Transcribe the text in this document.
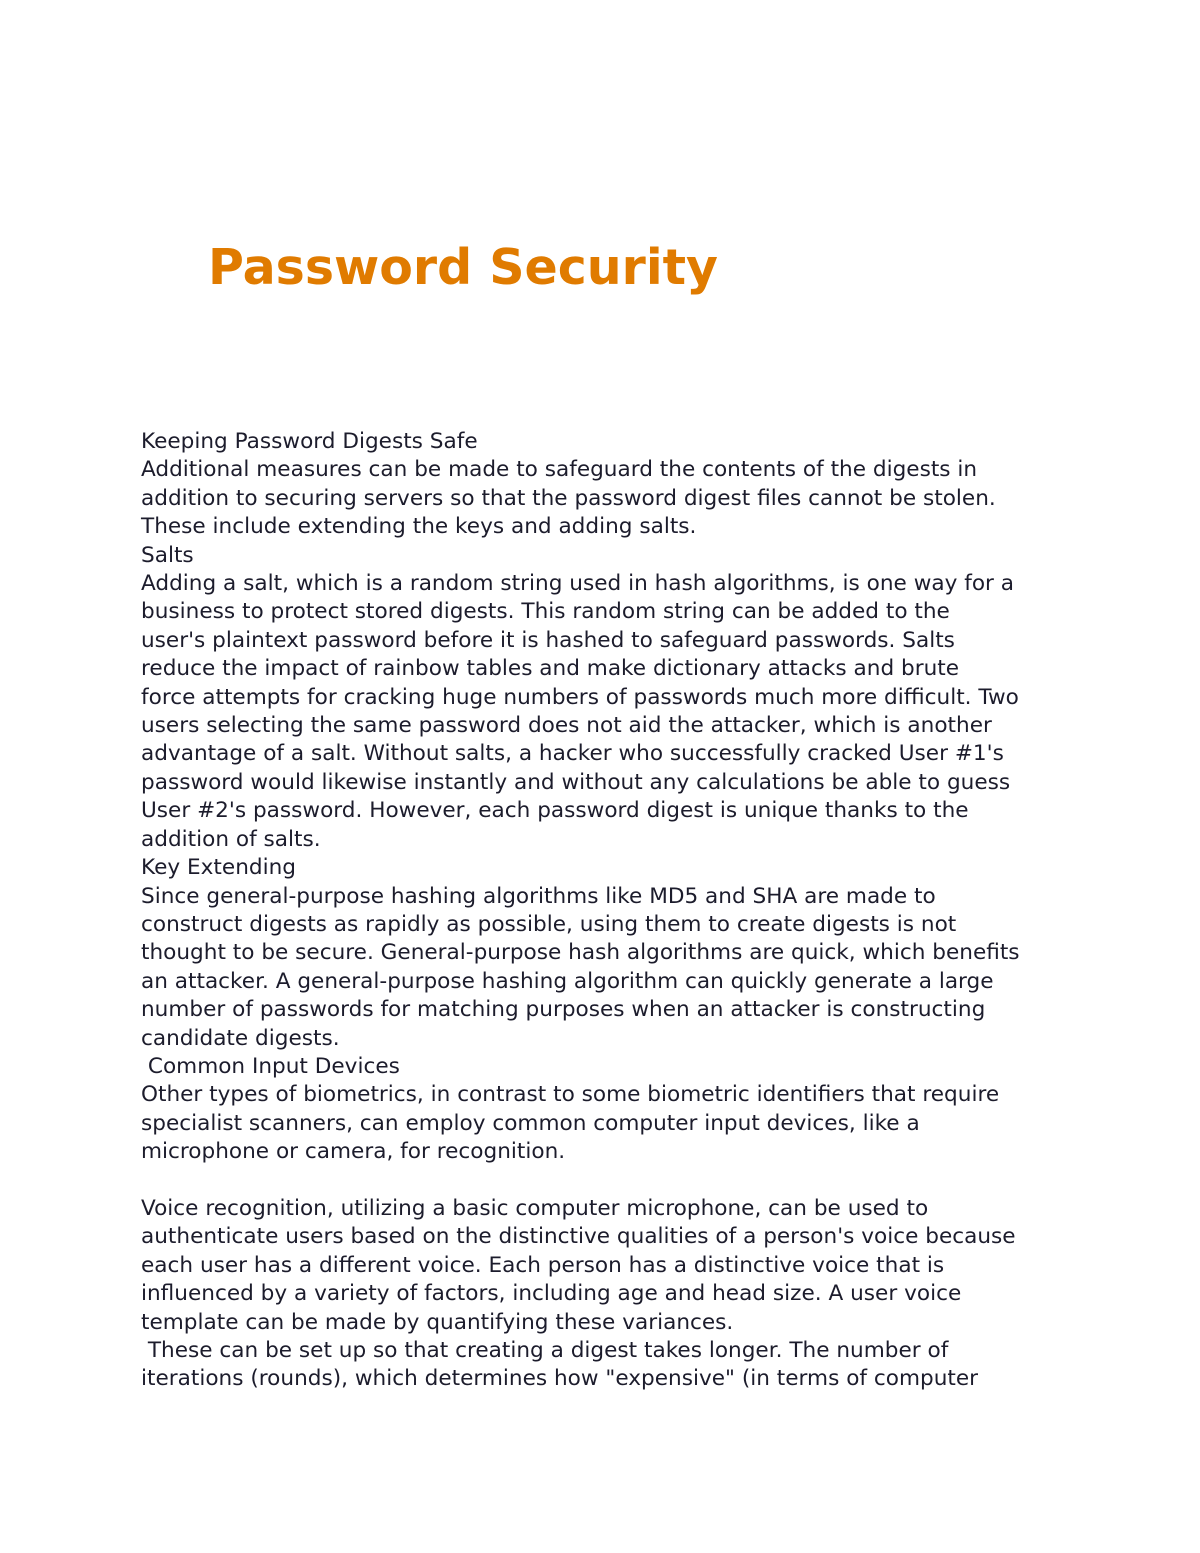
Password Security
Keeping Password Digests Safe
Additional measures can be made to safeguard the contents of the digests in
addition to securing servers so that the password digest files cannot be stolen.
These include extending the keys and adding salts.
Salts
Adding a salt, which is a random string used in hash algorithms, is one way for a
business to protect stored digests. This random string can be added to the
user's plaintext password before it is hashed to safeguard passwords. Salts
reduce the impact of rainbow tables and make dictionary attacks and brute
force attempts for cracking huge numbers of passwords much more difficult. Two
users selecting the same password does not aid the attacker, which is another
advantage of a salt. Without salts, a hacker who successfully cracked User #1's
password would likewise instantly and without any calculations be able to guess
User #2's password. However, each password digest is unique thanks to the
addition of salts.
Key Extending
Since general-purpose hashing algorithms like MD5 and SHA are made to
construct digests as rapidly as possible, using them to create digests is not
thought to be secure. General-purpose hash algorithms are quick, which benefits
an attacker. A general-purpose hashing algorithm can quickly generate a large
number of passwords for matching purposes when an attacker is constructing
candidate digests.
Common Input Devices
Other types of biometrics, in contrast to some biometric identifiers that require
specialist scanners, can employ common computer input devices, like a
microphone or camera, for recognition.
Voice recognition, utilizing a basic computer microphone, can be used to
authenticate users based on the distinctive qualities of a person's voice because
each user has a different voice. Each person has a distinctive voice that is
influenced by a variety of factors, including age and head size. A user voice
template can be made by quantifying these variances.
These can be set up so that creating a digest takes longer. The number of
iterations (rounds), which determines how "expensive" (in terms of computer
